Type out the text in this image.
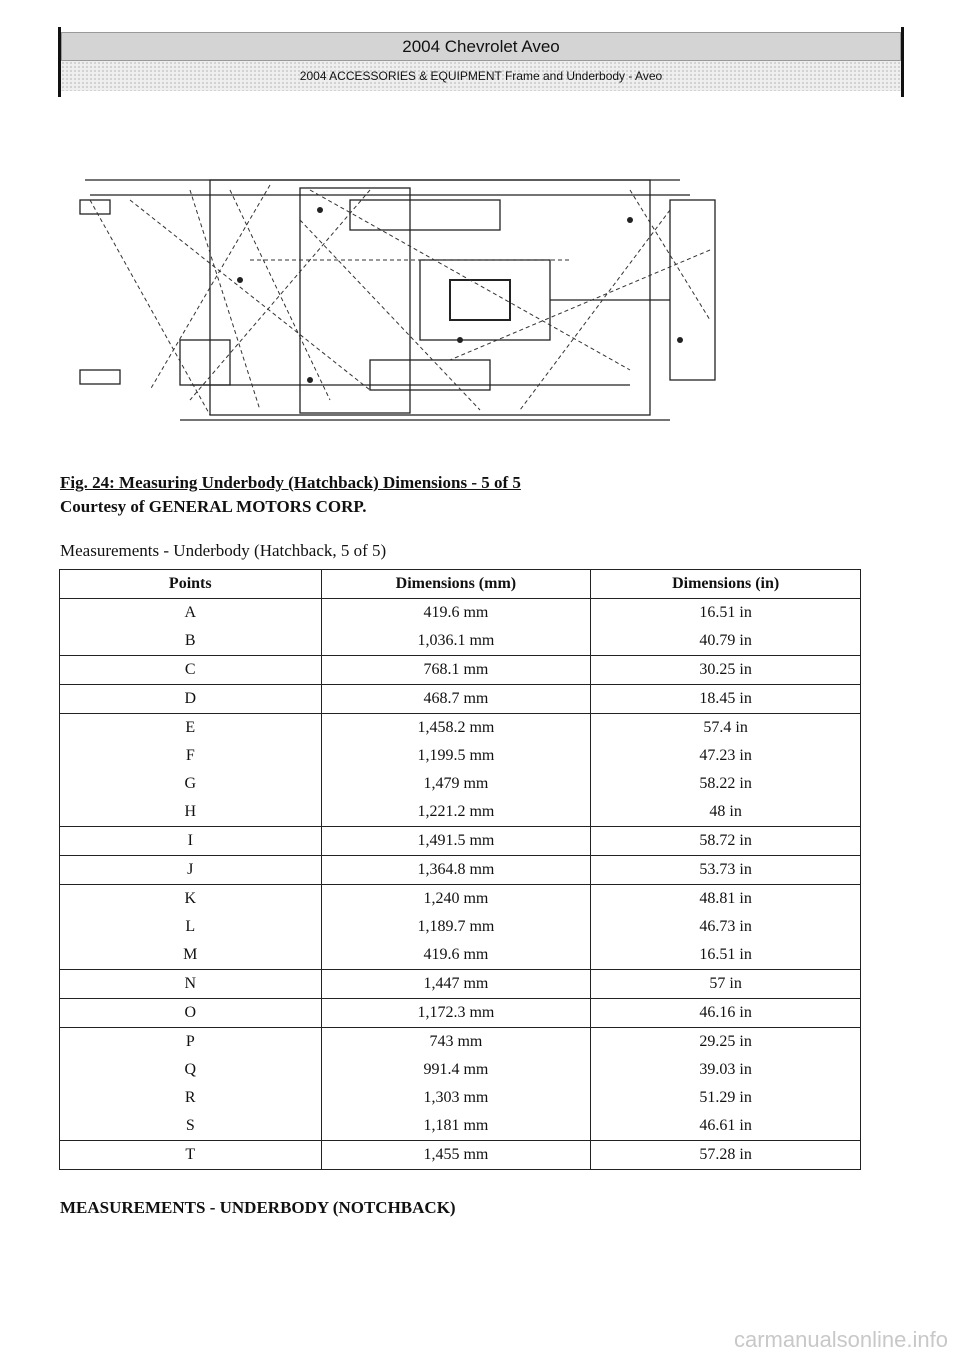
2004 Chevrolet Aveo
2004 ACCESSORIES & EQUIPMENT Frame and Underbody - Aveo
Fig. 24: Measuring Underbody (Hatchback) Dimensions - 5 of 5
Courtesy of GENERAL MOTORS CORP.
Measurements - Underbody (Hatchback, 5 of 5)
Points	Dimensions (mm)	Dimensions (in)
A	419.6 mm	16.51 in
B	1,036.1 mm	40.79 in
C	768.1 mm	30.25 in
D	468.7 mm	18.45 in
E	1,458.2 mm	57.4 in
F	1,199.5 mm	47.23 in
G	1,479 mm	58.22 in
H	1,221.2 mm	48 in
I	1,491.5 mm	58.72 in
J	1,364.8 mm	53.73 in
K	1,240 mm	48.81 in
L	1,189.7 mm	46.73 in
M	419.6 mm	16.51 in
N	1,447 mm	57 in
O	1,172.3 mm	46.16 in
P	743 mm	29.25 in
Q	991.4 mm	39.03 in
R	1,303 mm	51.29 in
S	1,181 mm	46.61 in
T	1,455 mm	57.28 in
MEASUREMENTS - UNDERBODY (NOTCHBACK)
carmanualsonline.info
